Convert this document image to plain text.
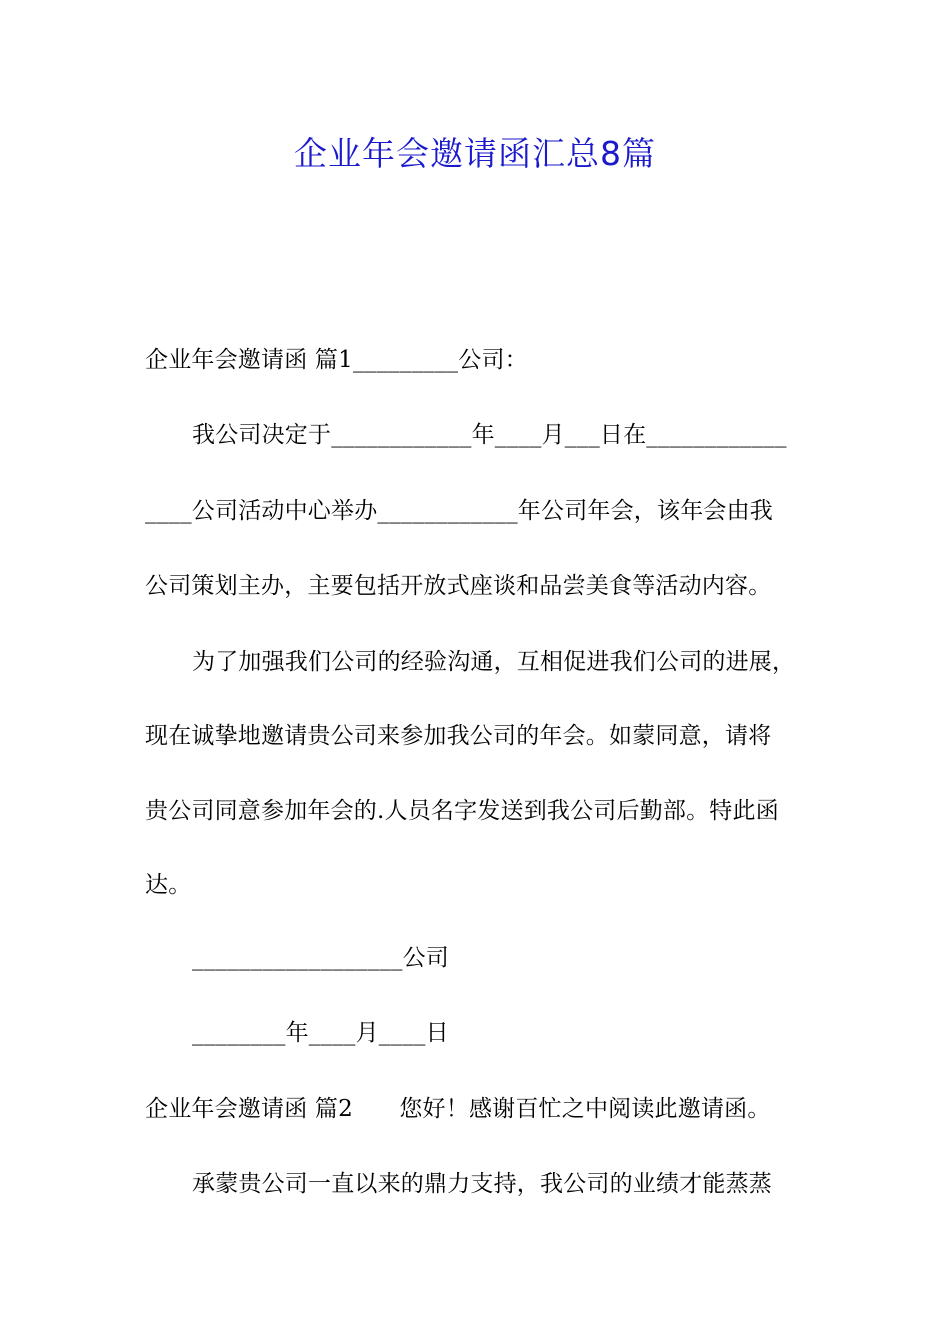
企业年会邀请函汇总8篇
企业年会邀请函 篇1_________公司：
我公司决定于____________年____月___日在____________
____公司活动中心举办____________年公司年会，该年会由我
公司策划主办，主要包括开放式座谈和品尝美食等活动内容。
为了加强我们公司的经验沟通，互相促进我们公司的进展，
现在诚挚地邀请贵公司来参加我公司的年会。如蒙同意，请将
贵公司同意参加年会的.人员名字发送到我公司后勤部。特此函
达。
__________________公司
________年____月____日
企业年会邀请函 篇2　　您好！感谢百忙之中阅读此邀请函。
承蒙贵公司一直以来的鼎力支持，我公司的业绩才能蒸蒸
